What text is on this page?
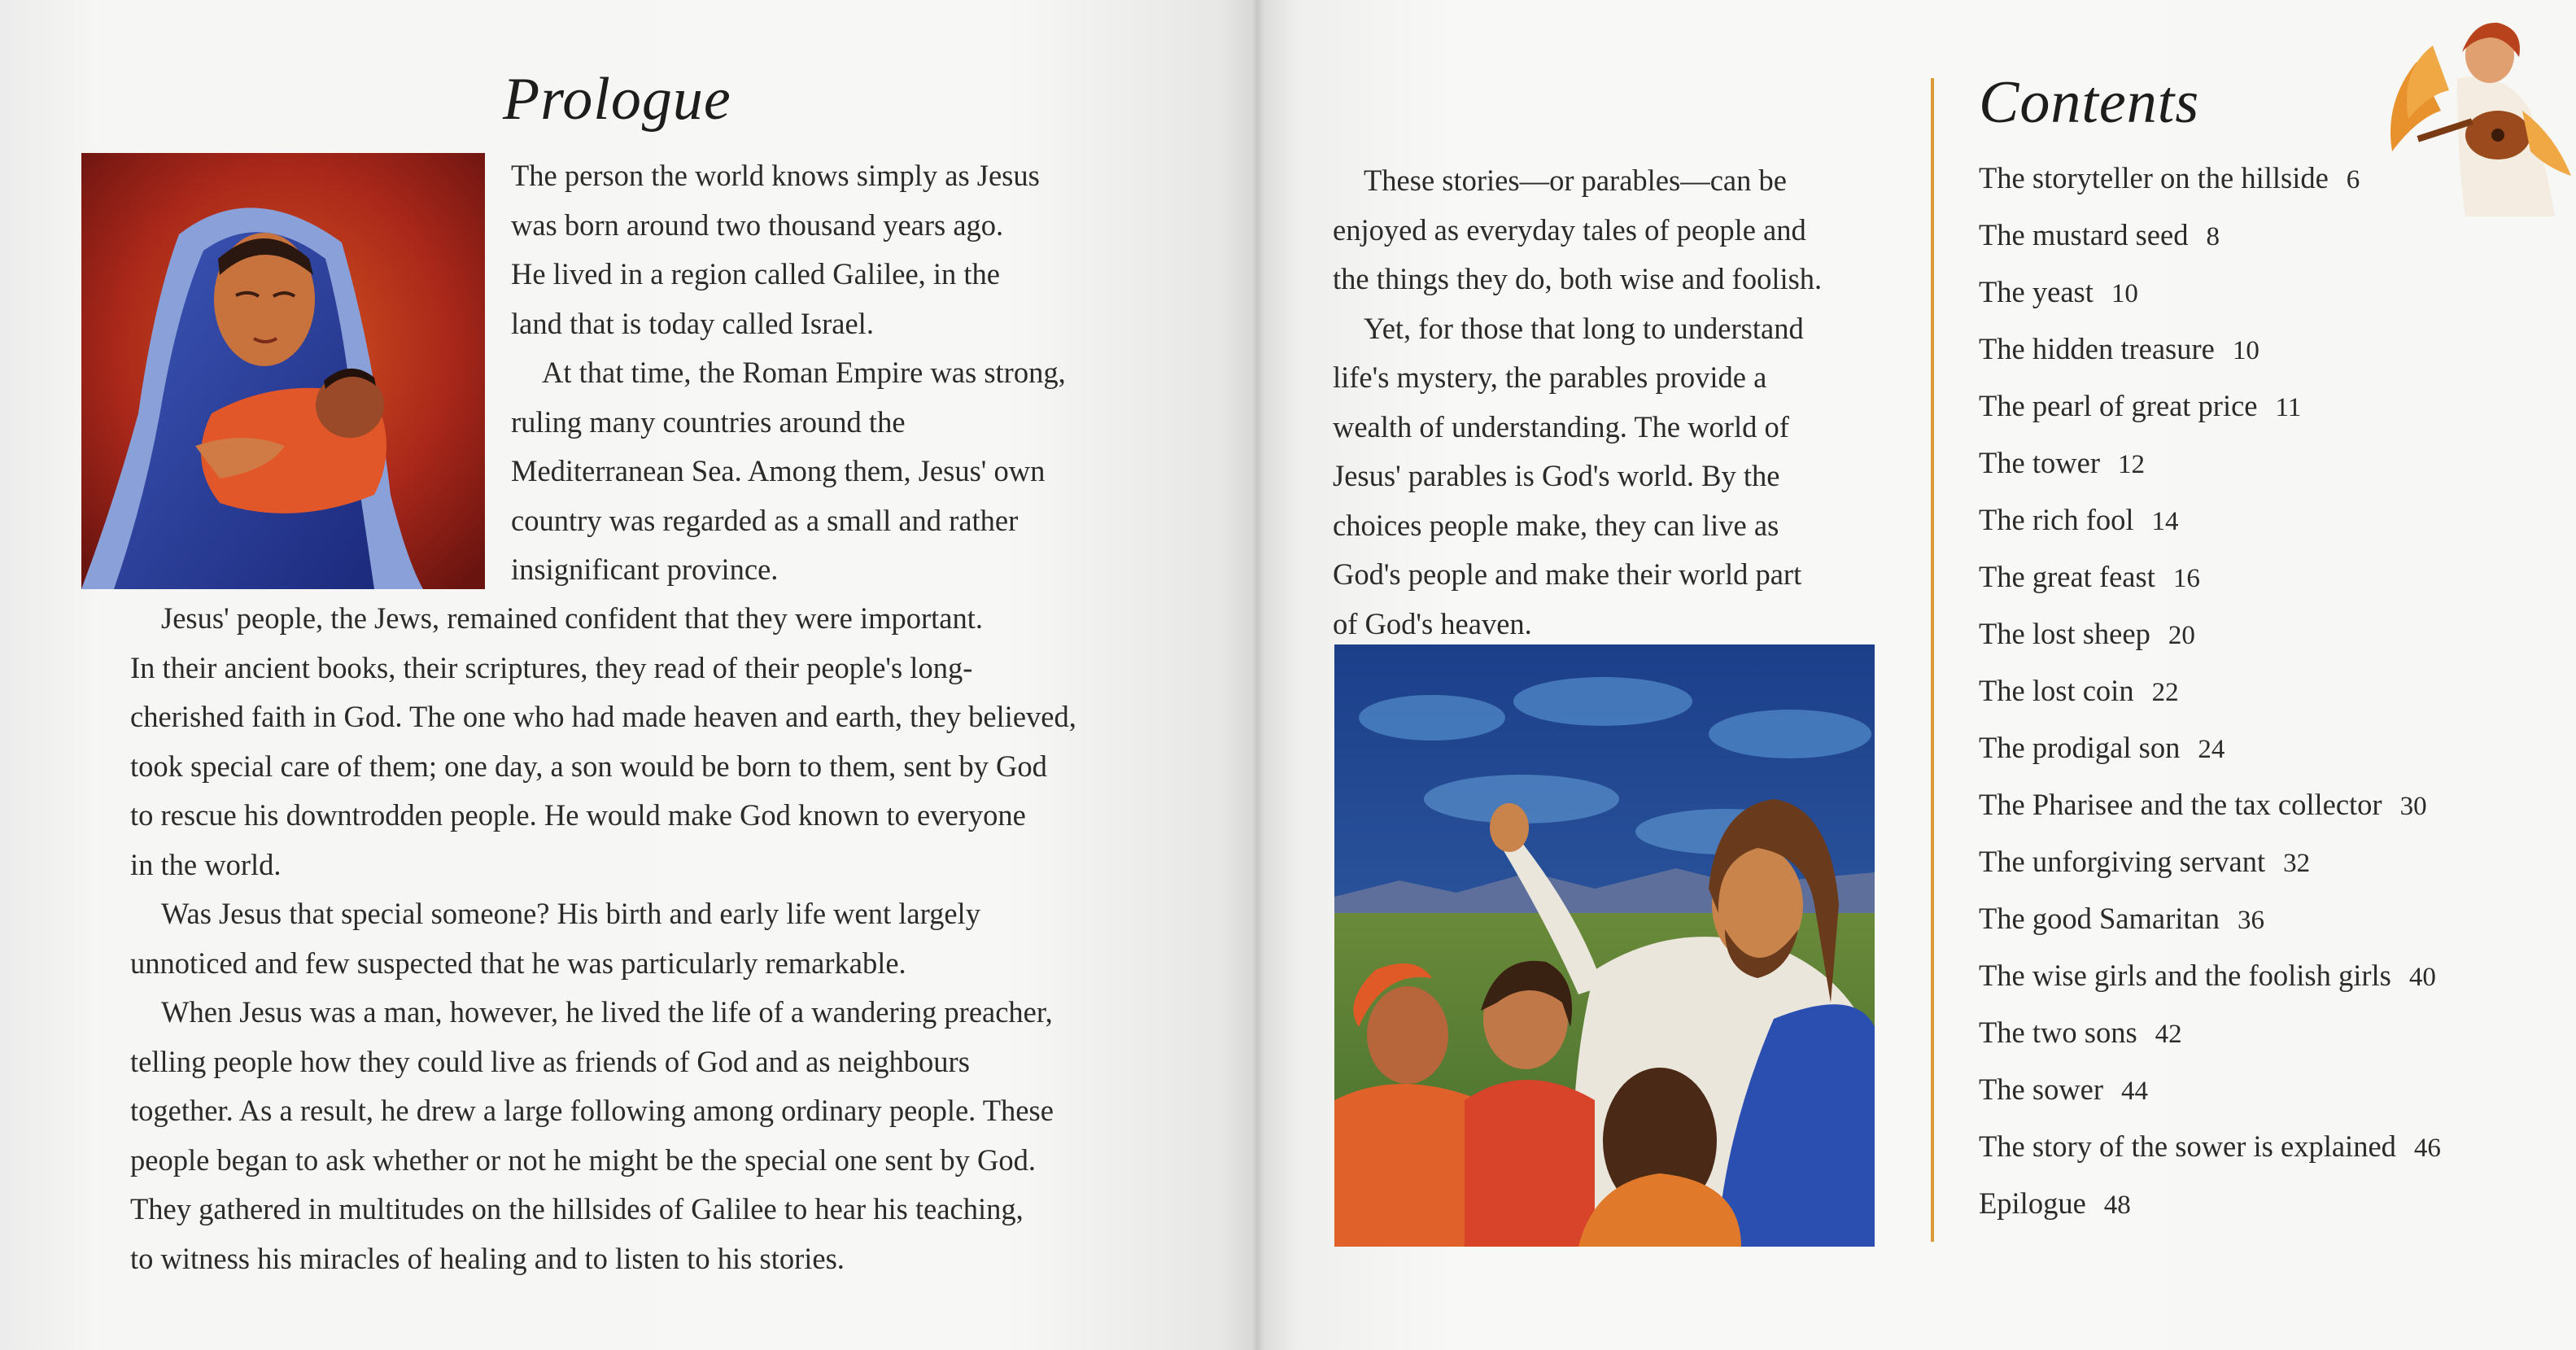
Prologue
The person the world knows simply as Jesus
was born around two thousand years ago.
He lived in a region called Galilee, in the
land that is today called Israel.
At that time, the Roman Empire was strong,
ruling many countries around the
Mediterranean Sea. Among them, Jesus' own
country was regarded as a small and rather
insignificant province.
Jesus' people, the Jews, remained confident that they were important.
In their ancient books, their scriptures, they read of their people's long-
cherished faith in God. The one who had made heaven and earth, they believed,
took special care of them; one day, a son would be born to them, sent by God
to rescue his downtrodden people. He would make God known to everyone
in the world.
Was Jesus that special someone? His birth and early life went largely
unnoticed and few suspected that he was particularly remarkable.
When Jesus was a man, however, he lived the life of a wandering preacher,
telling people how they could live as friends of God and as neighbours
together. As a result, he drew a large following among ordinary people. These
people began to ask whether or not he might be the special one sent by God.
They gathered in multitudes on the hillsides of Galilee to hear his teaching,
to witness his miracles of healing and to listen to his stories.
These stories—or parables—can be
enjoyed as everyday tales of people and
the things they do, both wise and foolish.
Yet, for those that long to understand
life's mystery, the parables provide a
wealth of understanding. The world of
Jesus' parables is God's world. By the
choices people make, they can live as
God's people and make their world part
of God's heaven.
Contents
The storyteller on the hillside 6
The mustard seed 8
The yeast 10
The hidden treasure 10
The pearl of great price 11
The tower 12
The rich fool 14
The great feast 16
The lost sheep 20
The lost coin 22
The prodigal son 24
The Pharisee and the tax collector 30
The unforgiving servant 32
The good Samaritan 36
The wise girls and the foolish girls 40
The two sons 42
The sower 44
The story of the sower is explained 46
Epilogue 48
